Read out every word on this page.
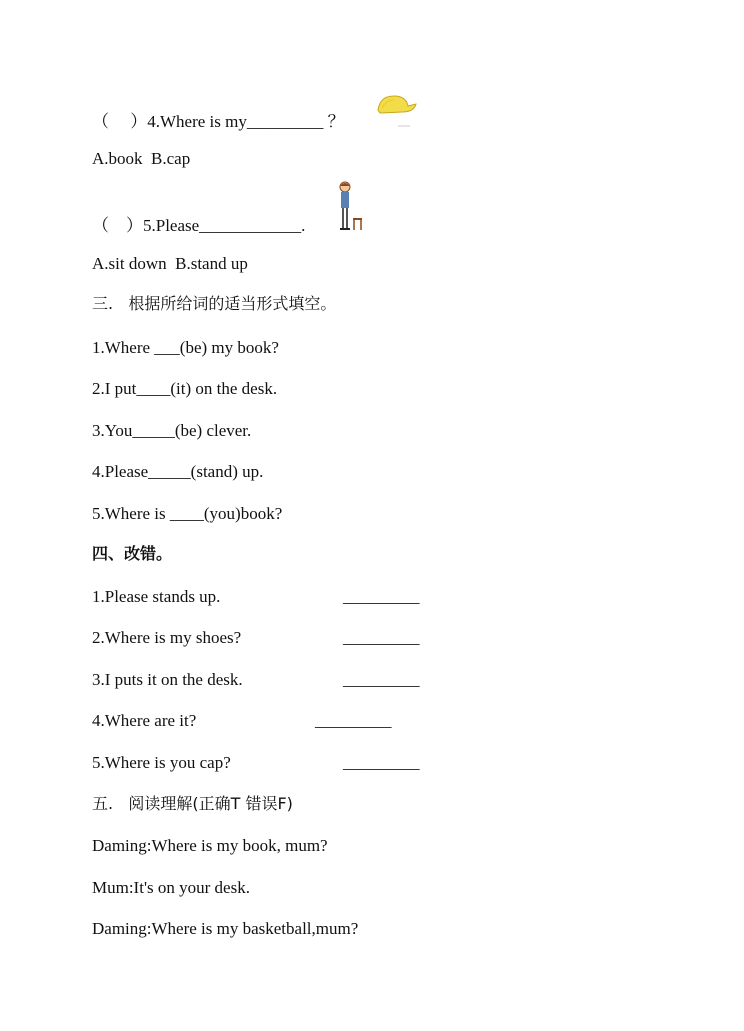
（     ）4.Where is my_________ ？
A.book  B.cap
（    ）5.Please____________.
A.sit down  B.stand up
三.   根据所给词的适当形式填空。
1.Where ___(be) my book?
2.I put____(it) on the desk.
3.You_____(be) clever.
4.Please_____(stand) up.
5.Where is ____(you)book?
四、改错。
1.Please stands up.	_________
2.Where is my shoes?	_________
3.I puts it on the desk.	_________
4.Where are it?	_________
5.Where is you cap?	_________
五.   阅读理解(正确T 错误F)
Daming:Where is my book, mum?
Mum:It's on your desk.
Daming:Where is my basketball,mum?
